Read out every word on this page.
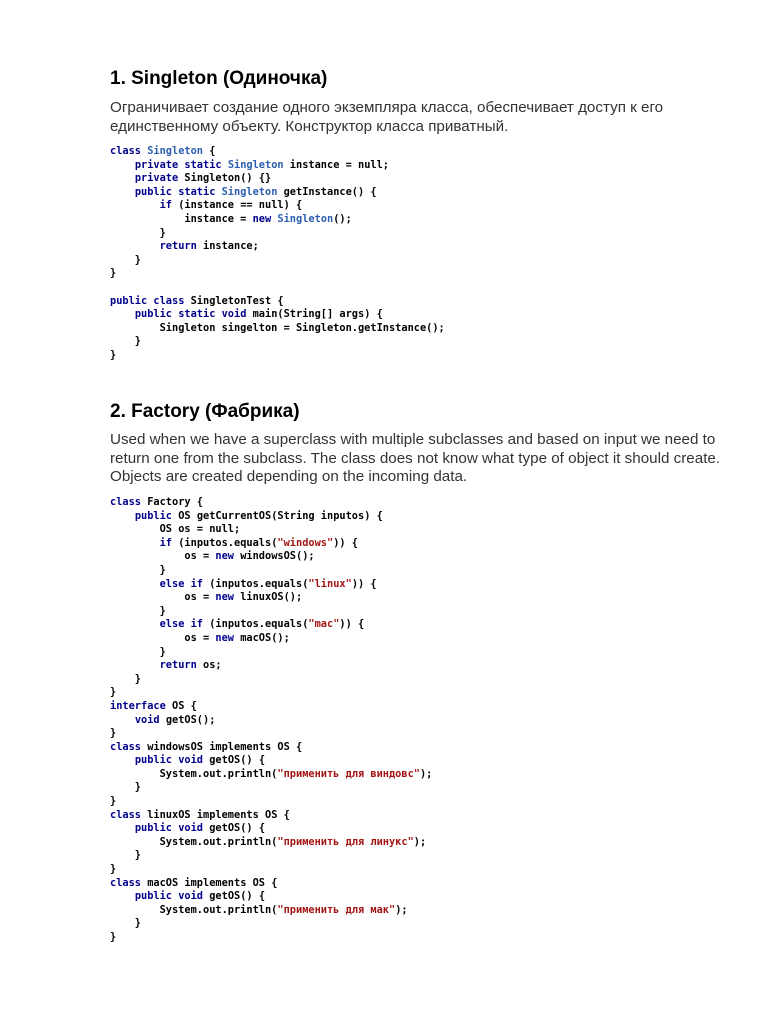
1. Singleton (Одиночка)

Ограничивает создание одного экземпляра класса, обеспечивает доступ к его единственному объекту. Конструктор класса приватный.

class Singleton {
private static Singleton instance = null;
private Singleton() {}
public static Singleton getInstance() {
if (instance == null) {
instance = new Singleton();
}
return instance;
}
}
public class SingletonTest {
public static void main(String[] args) {
Singleton singelton = Singleton.getInstance();
}
}
2. Factory (Фабрика)

Used when we have a superclass with multiple subclasses and based on input we need to return one from the subclass. The class does not know what type of object it should create. Objects are created depending on the incoming data.

class Factory {
public OS getCurrentOS(String inputos) {
OS os = null;
if (inputos.equals("windows")) {
os = new windowsOS();
}
else if (inputos.equals("linux")) {
os = new linuxOS();
}
else if (inputos.equals("mac")) {
os = new macOS();
}
return os;
}
}
interface OS {
void getOS();
}
class windowsOS implements OS {
public void getOS() {
System.out.println("применить для виндовс");
}
}
class linuxOS implements OS {
public void getOS() {
System.out.println("применить для линукс");
}
}
class macOS implements OS {
public void getOS() {
System.out.println("применить для мак");
}
}
